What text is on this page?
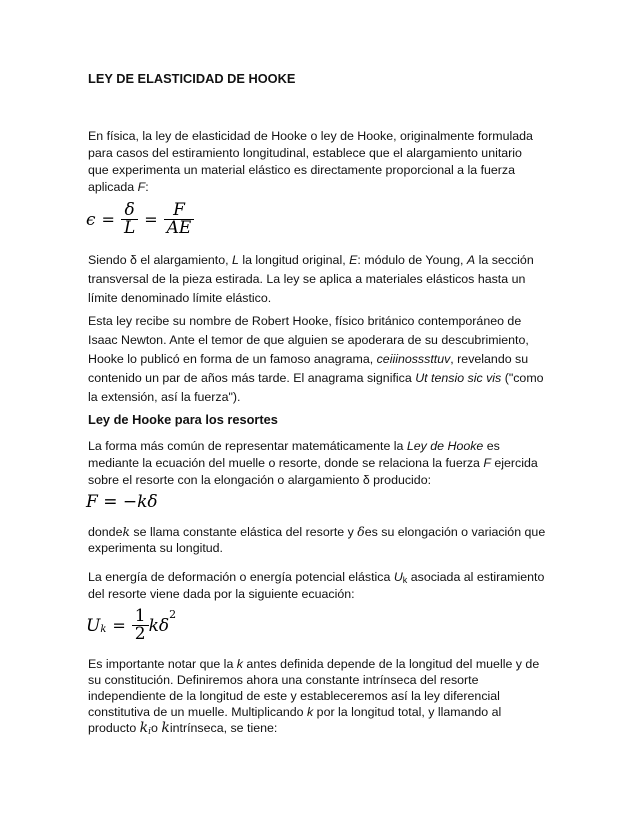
LEY DE ELASTICIDAD DE HOOKE
En física, la ley de elasticidad de Hooke o ley de Hooke, originalmente formulada
para casos del estiramiento longitudinal, establece que el alargamiento unitario
que experimenta un material elástico es directamente proporcional a la fuerza
aplicada F:
$\epsilon = \frac{\delta}{L} = \frac{F}{AE}$
Siendo δ el alargamiento, L la longitud original, E: módulo de Young, A la sección
transversal de la pieza estirada. La ley se aplica a materiales elásticos hasta un
límite denominado límite elástico.
Esta ley recibe su nombre de Robert Hooke, físico británico contemporáneo de
Isaac Newton. Ante el temor de que alguien se apoderara de su descubrimiento,
Hooke lo publicó en forma de un famoso anagrama, ceiiinosssttuv, revelando su
contenido un par de años más tarde. El anagrama significa Ut tensio sic vis ("como
la extensión, así la fuerza").
Ley de Hooke para los resortes
La forma más común de representar matemáticamente la Ley de Hooke es
mediante la ecuación del muelle o resorte, donde se relaciona la fuerza F ejercida
sobre el resorte con la elongación o alargamiento δ producido:
F = −kδ
dondek se llama constante elástica del resorte y δes su elongación o variación que
experimenta su longitud.
La energía de deformación o energía potencial elástica $U_k$ asociada al estiramiento
del resorte viene dada por la siguiente ecuación:
$U_k = \frac{1}{2} k\delta^2$
Es importante notar que la k antes definida depende de la longitud del muelle y de
su constitución. Definiremos ahora una constante intrínseca del resorte
independiente de la longitud de este y estableceremos así la ley diferencial
constitutiva de un muelle. Multiplicando k por la longitud total, y llamando al
producto $k_io$ kintrínseca, se tiene:
